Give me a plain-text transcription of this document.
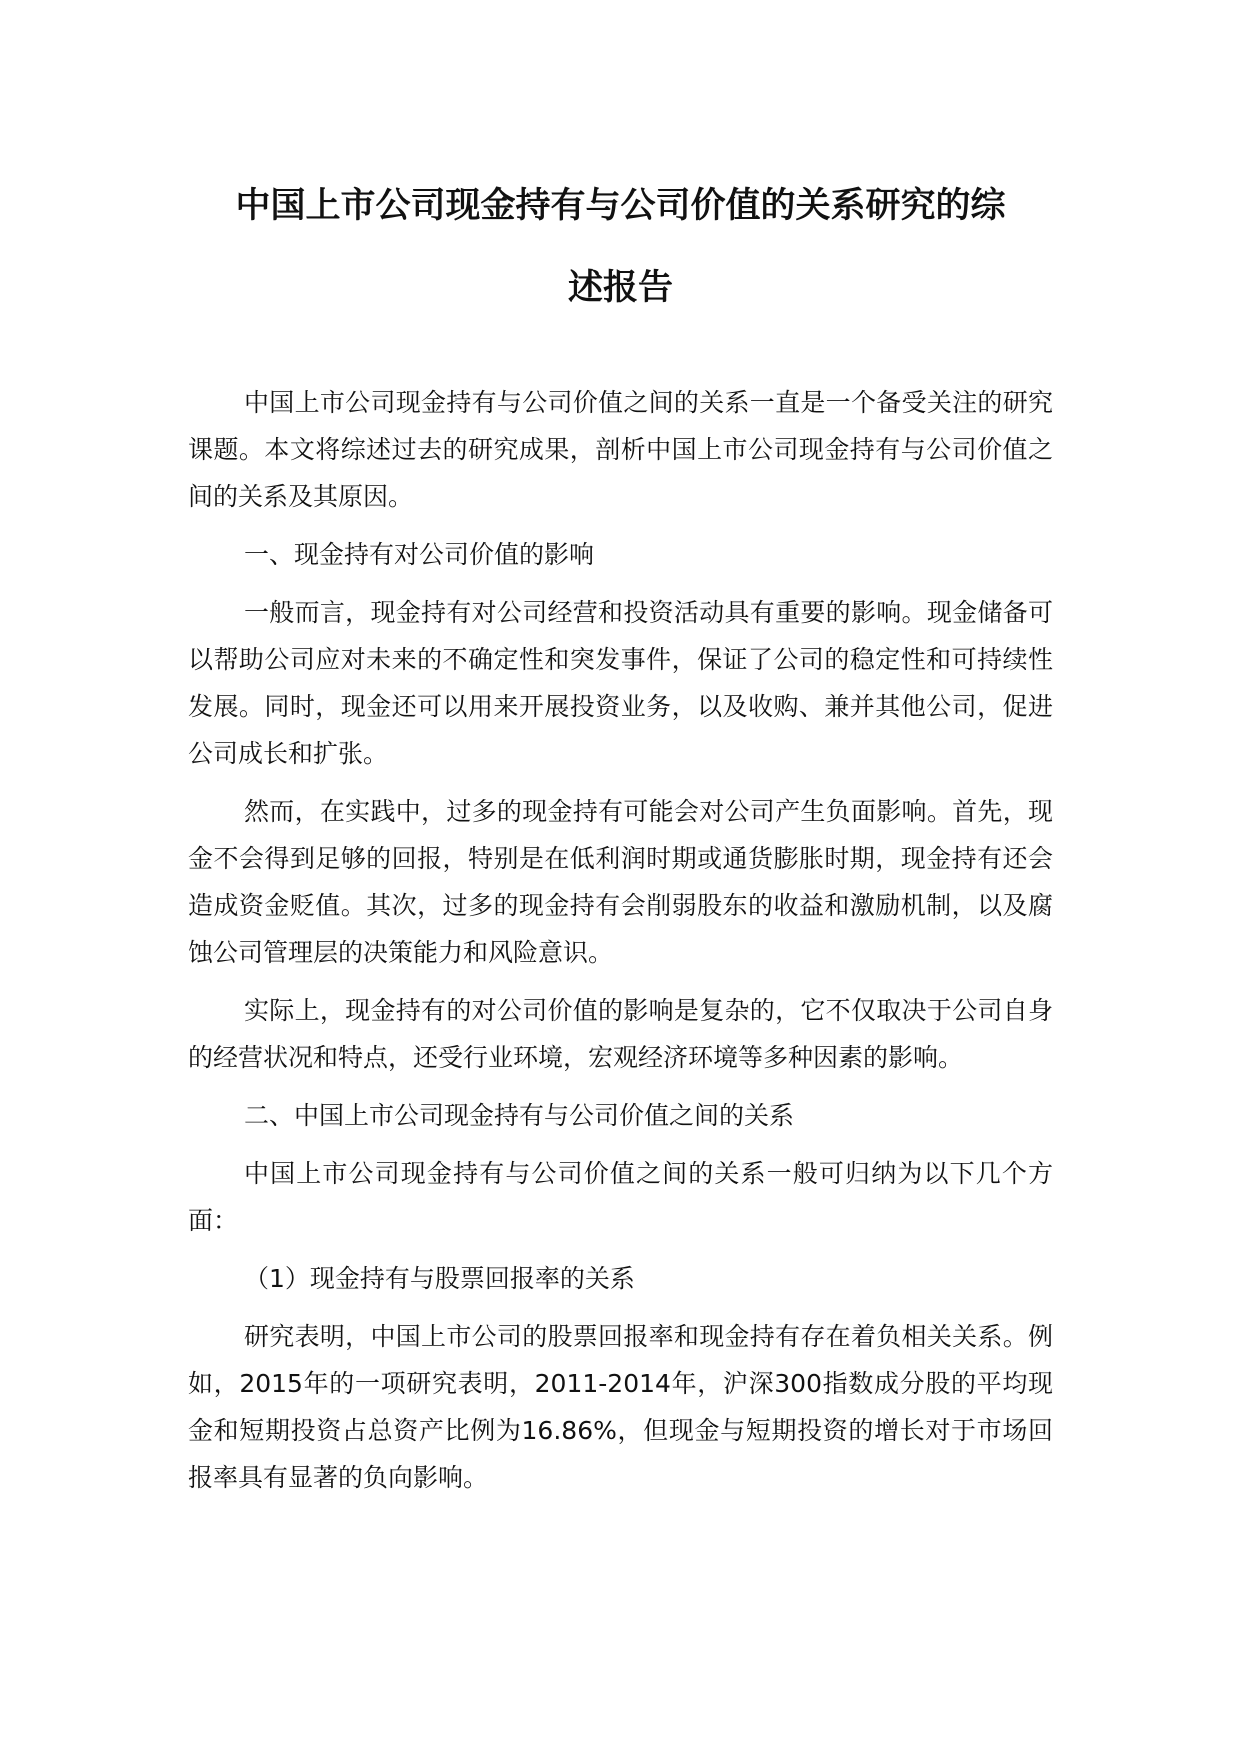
中国上市公司现金持有与公司价值的关系研究的综
述报告

中国上市公司现金持有与公司价值之间的关系一直是一个备受关注的研究课题。本文将综述过去的研究成果，剖析中国上市公司现金持有与公司价值之间的关系及其原因。

一、现金持有对公司价值的影响

一般而言，现金持有对公司经营和投资活动具有重要的影响。现金储备可以帮助公司应对未来的不确定性和突发事件，保证了公司的稳定性和可持续性发展。同时，现金还可以用来开展投资业务，以及收购、兼并其他公司，促进公司成长和扩张。

然而，在实践中，过多的现金持有可能会对公司产生负面影响。首先，现金不会得到足够的回报，特别是在低利润时期或通货膨胀时期，现金持有还会造成资金贬值。其次，过多的现金持有会削弱股东的收益和激励机制，以及腐蚀公司管理层的决策能力和风险意识。

实际上，现金持有的对公司价值的影响是复杂的，它不仅取决于公司自身的经营状况和特点，还受行业环境，宏观经济环境等多种因素的影响。

二、中国上市公司现金持有与公司价值之间的关系

中国上市公司现金持有与公司价值之间的关系一般可归纳为以下几个方面：

（1）现金持有与股票回报率的关系

研究表明，中国上市公司的股票回报率和现金持有存在着负相关关系。例如，2015年的一项研究表明，2011-2014年，沪深300指数成分股的平均现金和短期投资占总资产比例为16.86%，但现金与短期投资的增长对于市场回报率具有显著的负向影响。
